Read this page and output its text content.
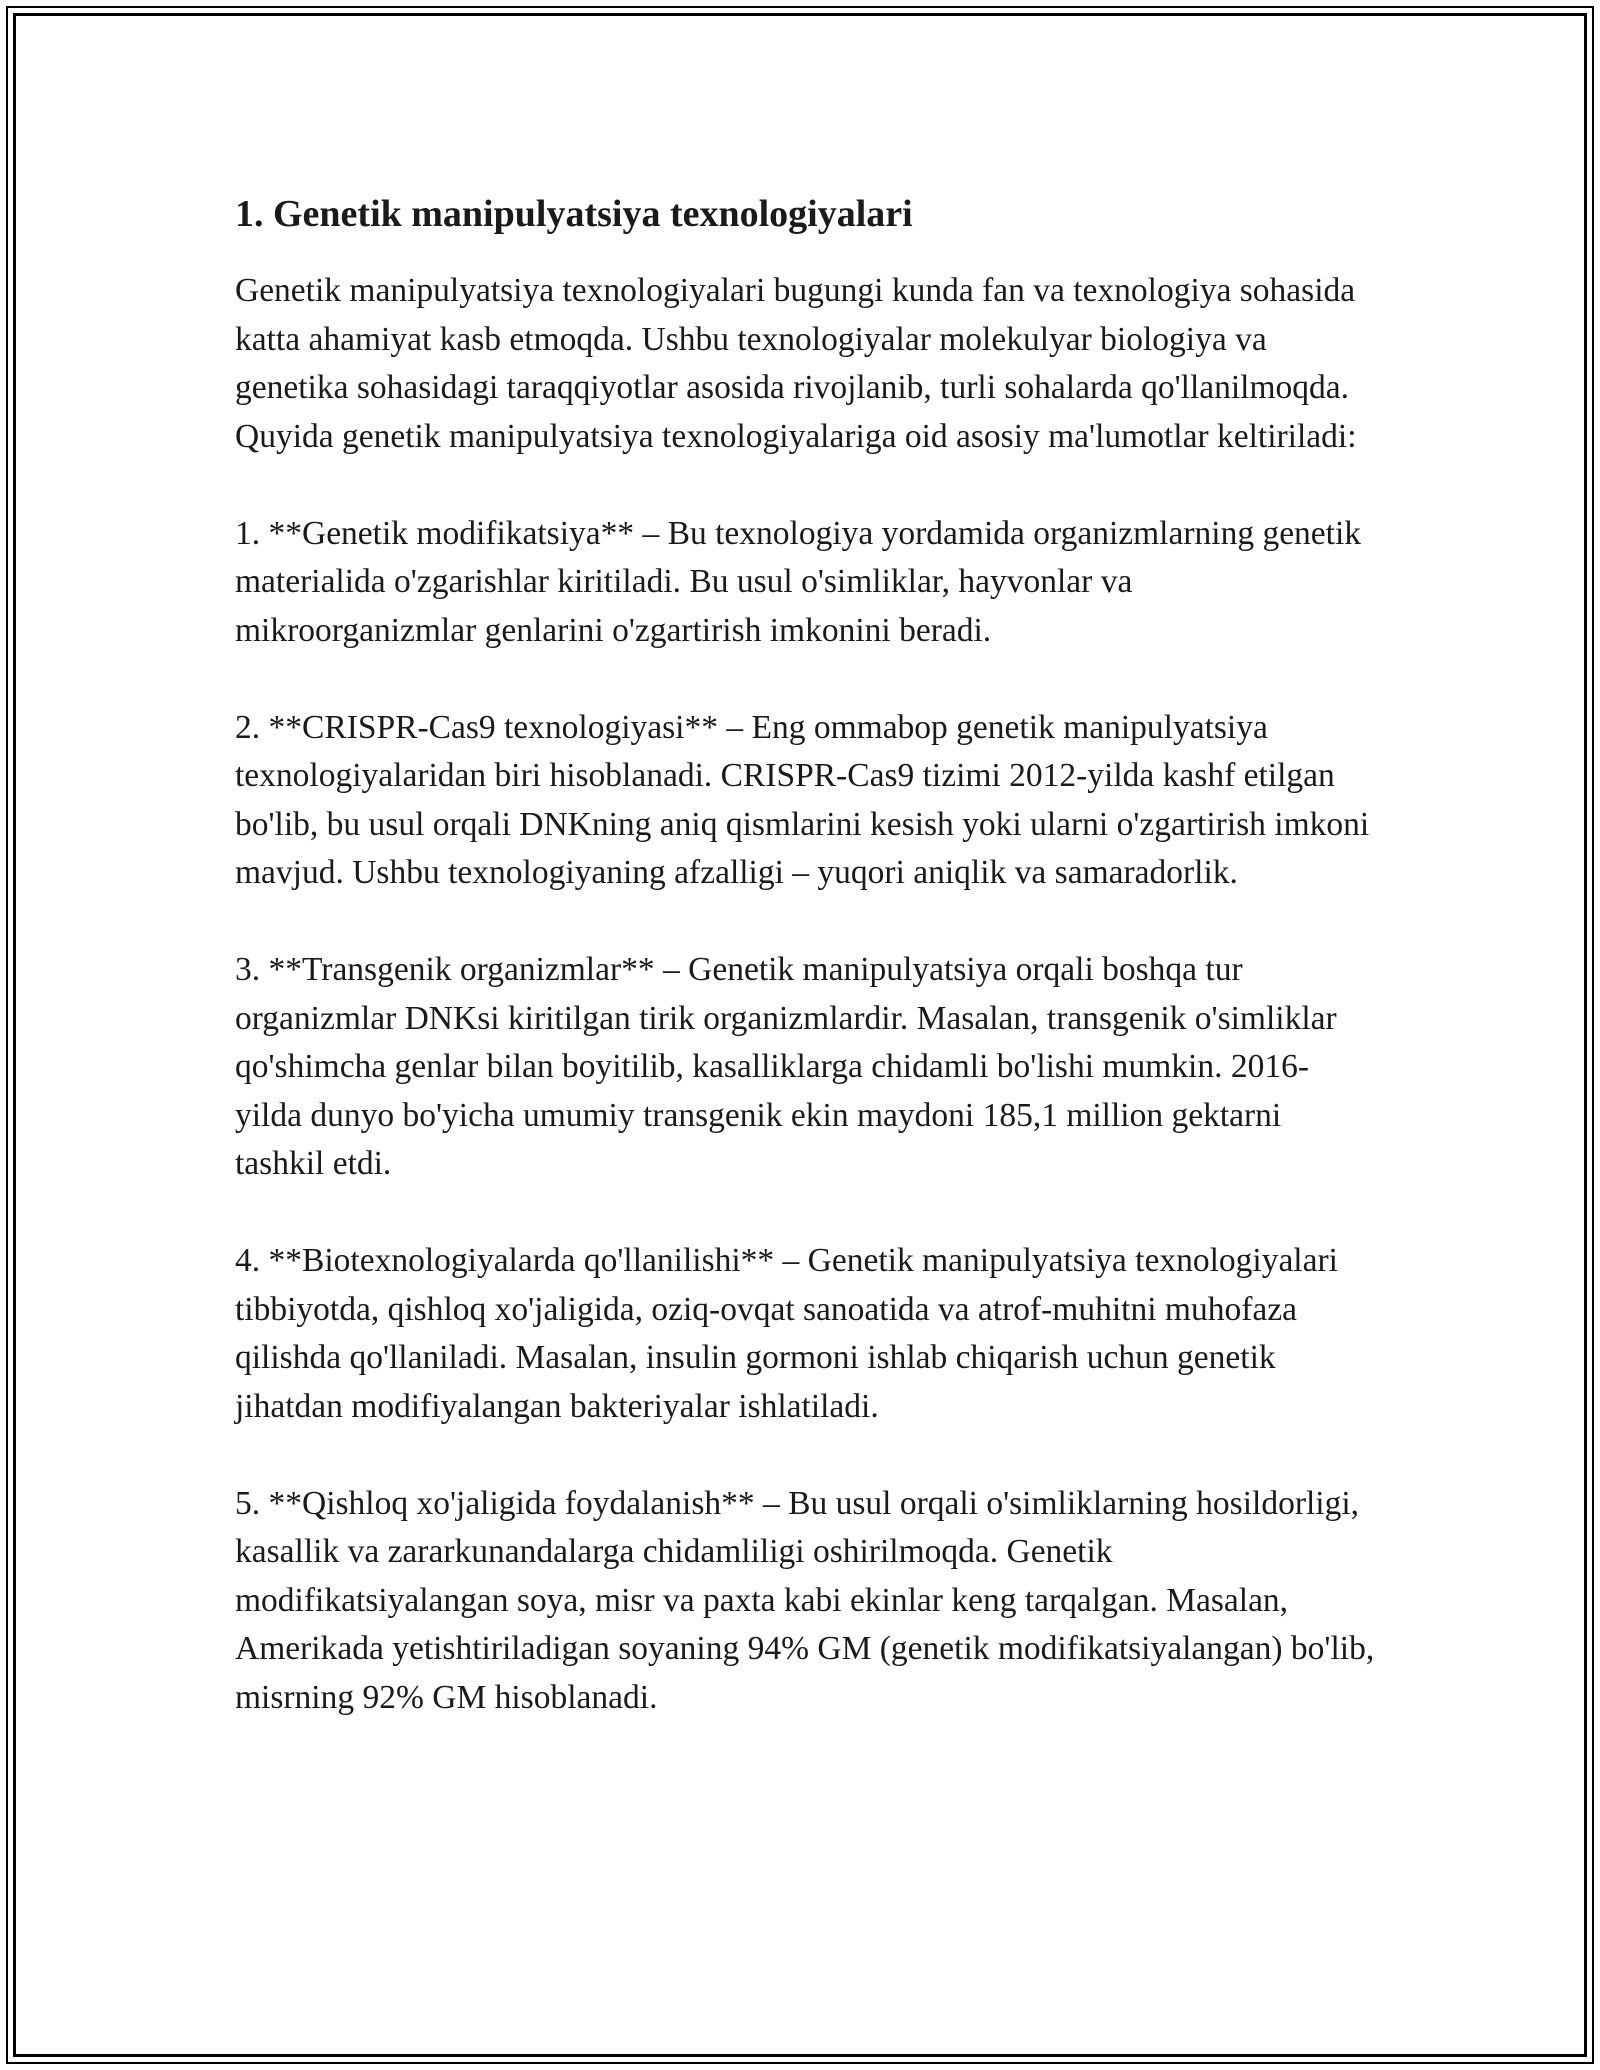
1. Genetik manipulyatsiya texnologiyalari

Genetik manipulyatsiya texnologiyalari bugungi kunda fan va texnologiya sohasida katta ahamiyat kasb etmoqda. Ushbu texnologiyalar molekulyar biologiya va genetika sohasidagi taraqqiyotlar asosida rivojlanib, turli sohalarda qo'llanilmoqda. Quyida genetik manipulyatsiya texnologiyalariga oid asosiy ma'lumotlar keltiriladi:

1. **Genetik modifikatsiya** – Bu texnologiya yordamida organizmlarning genetik materialida o'zgarishlar kiritiladi. Bu usul o'simliklar, hayvonlar va mikroorganizmlar genlarini o'zgartirish imkonini beradi.

2. **CRISPR-Cas9 texnologiyasi** – Eng ommabop genetik manipulyatsiya texnologiyalaridan biri hisoblanadi. CRISPR-Cas9 tizimi 2012-yilda kashf etilgan bo'lib, bu usul orqali DNKning aniq qismlarini kesish yoki ularni o'zgartirish imkoni mavjud. Ushbu texnologiyaning afzalligi – yuqori aniqlik va samaradorlik.

3. **Transgenik organizmlar** – Genetik manipulyatsiya orqali boshqa tur organizmlar DNKsi kiritilgan tirik organizmlardir. Masalan, transgenik o'simliklar qo'shimcha genlar bilan boyitilib, kasalliklarga chidamli bo'lishi mumkin. 2016-yilda dunyo bo'yicha umumiy transgenik ekin maydoni 185,1 million gektarni tashkil etdi.

4. **Biotexnologiyalarda qo'llanilishi** – Genetik manipulyatsiya texnologiyalari tibbiyotda, qishloq xo'jaligida, oziq-ovqat sanoatida va atrof-muhitni muhofaza qilishda qo'llaniladi. Masalan, insulin gormoni ishlab chiqarish uchun genetik jihatdan modifiyalangan bakteriyalar ishlatiladi.

5. **Qishloq xo'jaligida foydalanish** – Bu usul orqali o'simliklarning hosildorligi, kasallik va zararkunandalarga chidamliligi oshirilmoqda. Genetik modifikatsiyalangan soya, misr va paxta kabi ekinlar keng tarqalgan. Masalan, Amerikada yetishtiriladigan soyaning 94% GM (genetik modifikatsiyalangan) bo'lib, misrning 92% GM hisoblanadi.
